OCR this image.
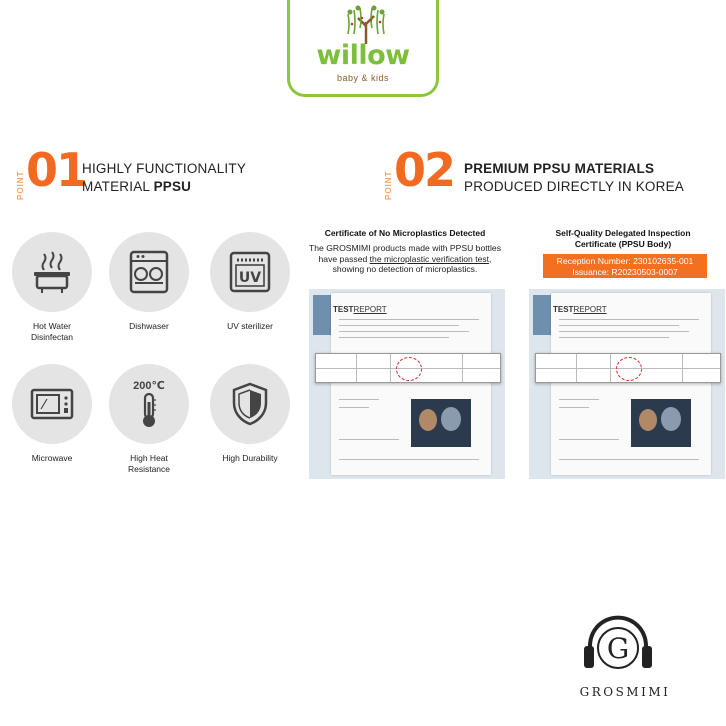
willow
baby & kids
POINT 01
HIGHLY FUNCTIONALITY
MATERIAL PPSU	POINT 02 PREMIUM PPSU MATERIALS
PRODUCED DIRECTLY IN KOREA
Hot Water
Disinfectan
Dishwaser
UV
UV sterilizer
Microwave
200℃
High Heat
Resistance
High Durability
Certificate of No Microplastics Detected
The GROSMIMI products made with PPSU bottles
have passed the microplastic verification test,
showing no detection of microplastics.
TESTREPORT
Self-Quality Delegated Inspection
Certificate (PPSU Body)
Reception Number: 230102635-001
Issuance: R20230503-0007
TESTREPORT
G
GROSMIMI
